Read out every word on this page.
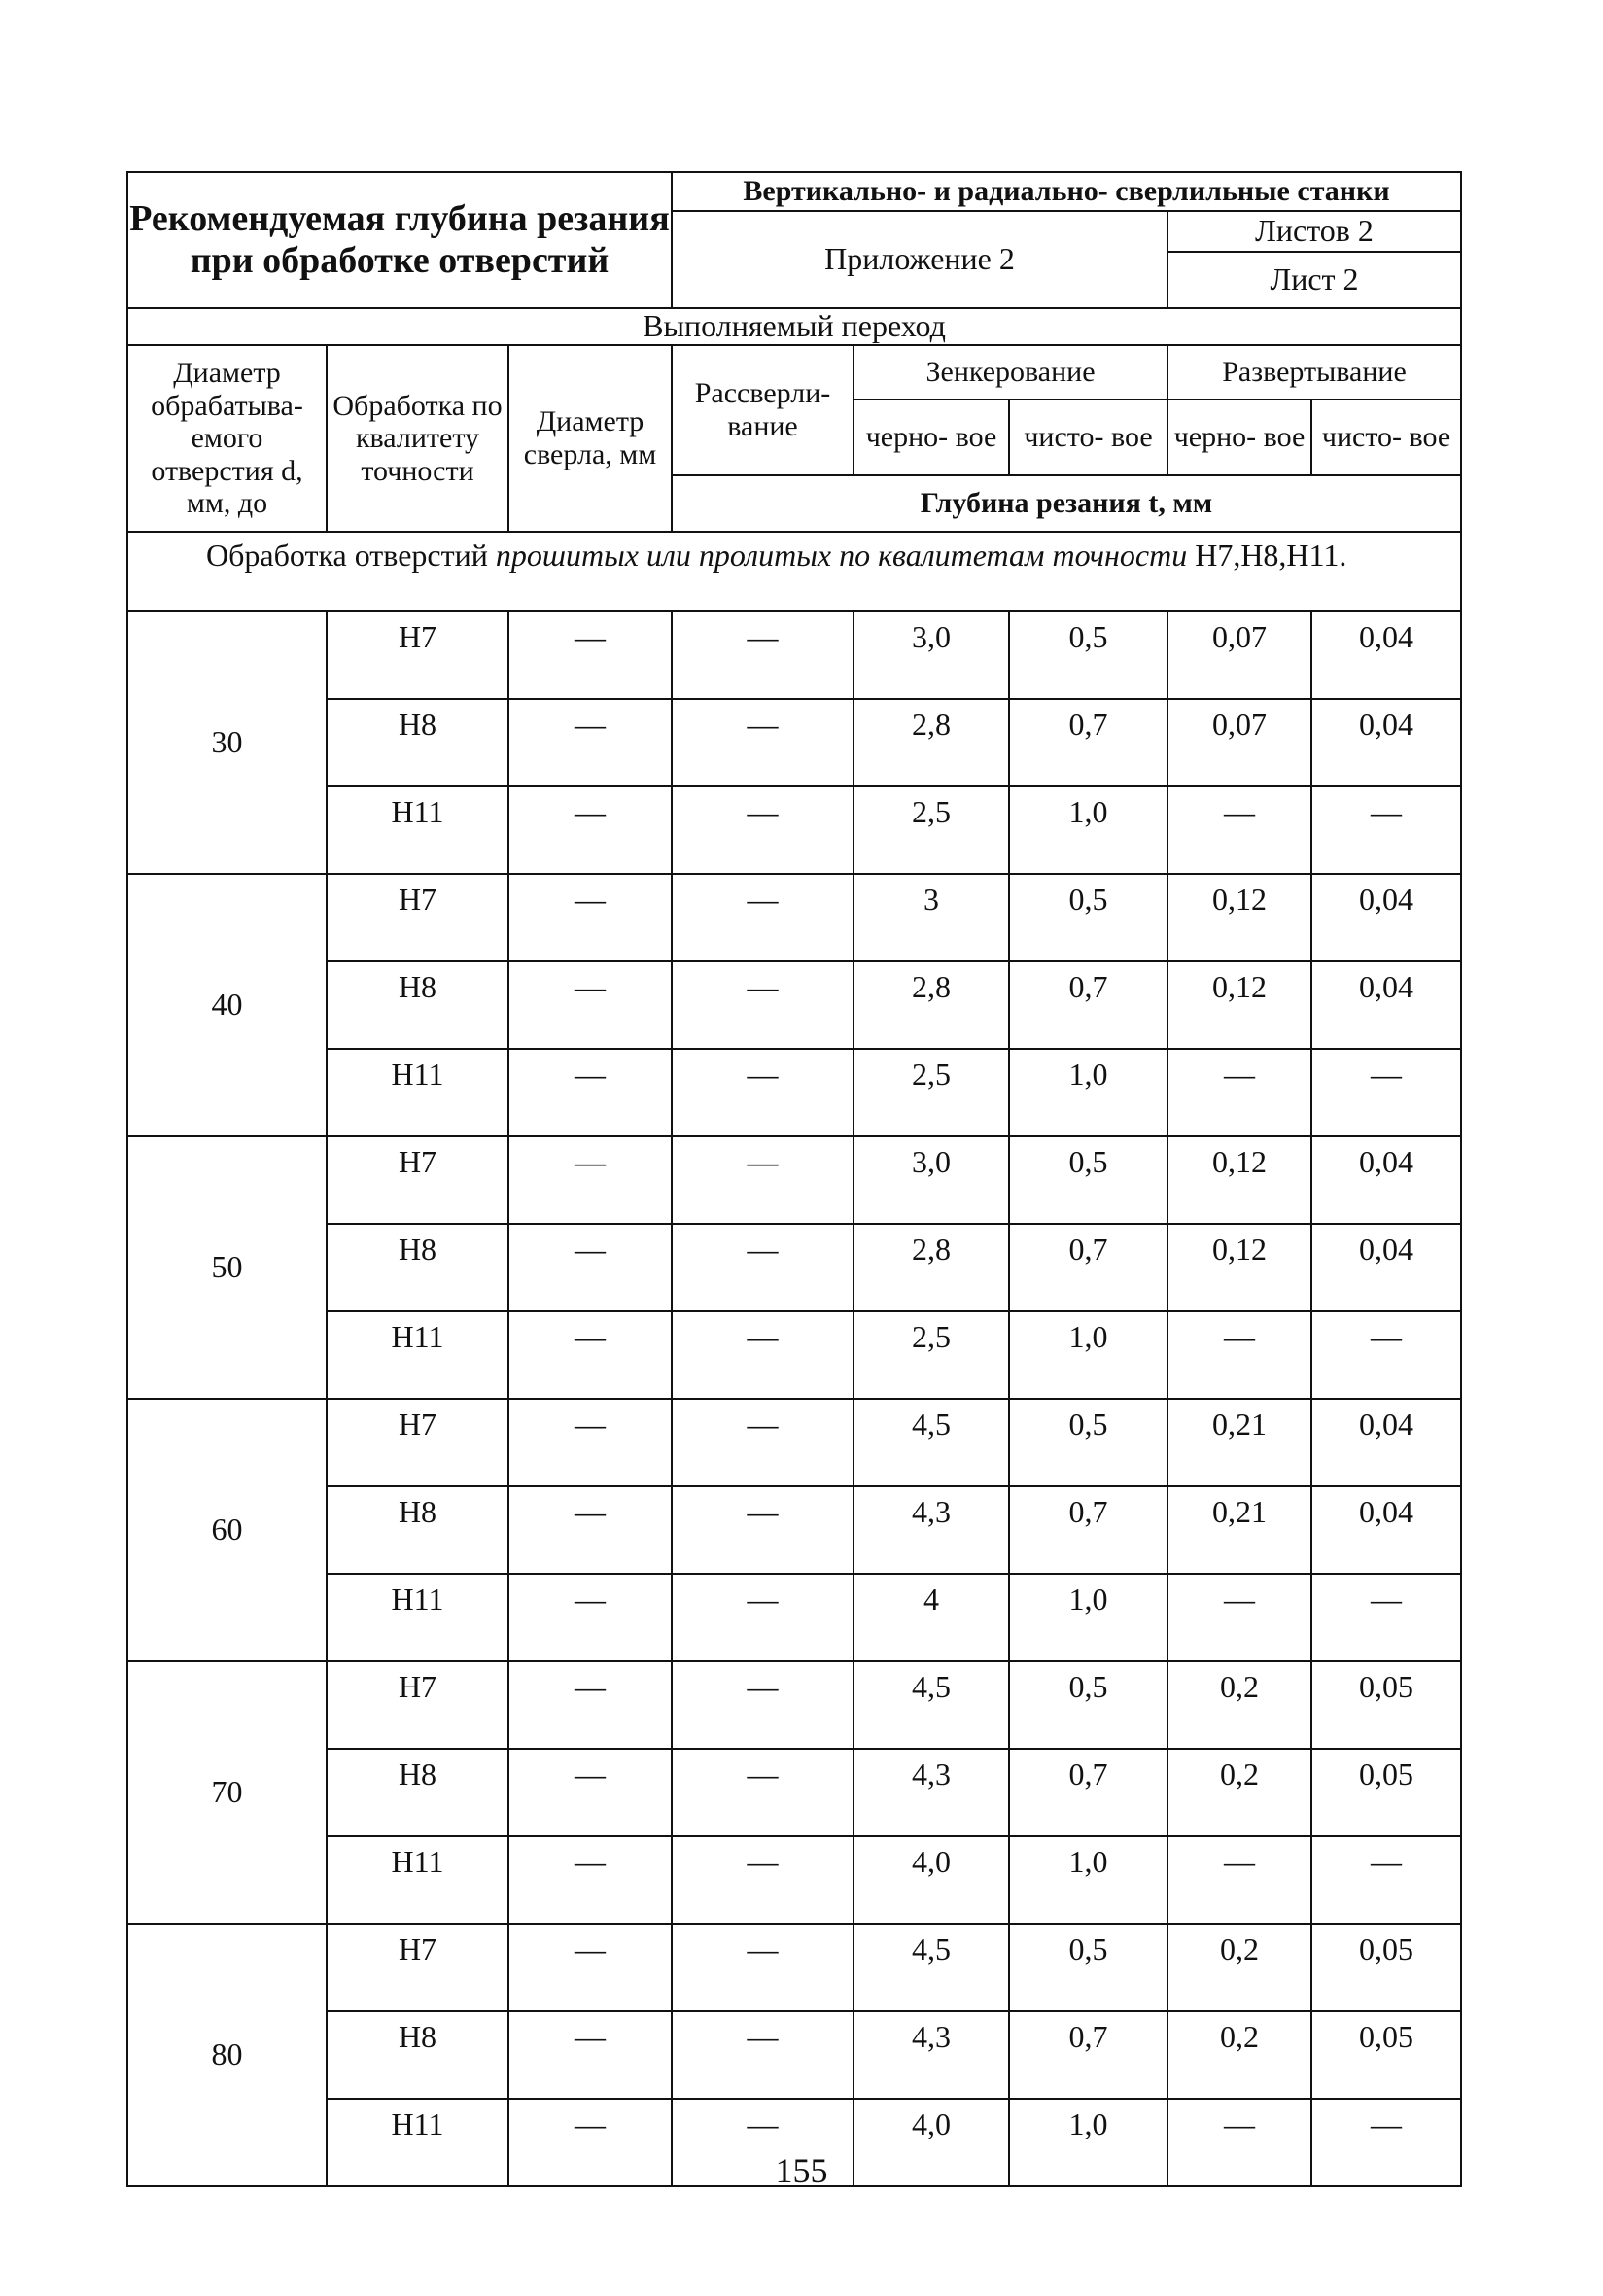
Рекомендуемая глубина резания при обработке отверстий			Вертикально- и радиально- сверлильные станки				
			Приложение 2			Листов 2	
						Лист 2	
Выполняемый переход							
Диаметр обрабатыва- емого отверстия d, мм, до	Обработка по квалитету точности	Диаметр сверла, мм	Рассверли- вание	Зенкерование		Развертывание	
				черно- вое	чисто- вое	черно- вое	чисто- вое
			Глубина резания t, мм				
Обработка отверстий прошитых или пролитых по квалитетам точности H7,H8,H11.							
30	H7	—	—	3,0	0,5	0,07	0,04
	H8	—	—	2,8	0,7	0,07	0,04
	H11	—	—	2,5	1,0	—	—
40	H7	—	—	3	0,5	0,12	0,04
	H8	—	—	2,8	0,7	0,12	0,04
	H11	—	—	2,5	1,0	—	—
50	H7	—	—	3,0	0,5	0,12	0,04
	H8	—	—	2,8	0,7	0,12	0,04
	H11	—	—	2,5	1,0	—	—
60	H7	—	—	4,5	0,5	0,21	0,04
	H8	—	—	4,3	0,7	0,21	0,04
	H11	—	—	4	1,0	—	—
70	H7	—	—	4,5	0,5	0,2	0,05
	H8	—	—	4,3	0,7	0,2	0,05
	H11	—	—	4,0	1,0	—	—
80	H7	—	—	4,5	0,5	0,2	0,05
	H8	—	—	4,3	0,7	0,2	0,05
	H11	—	—	4,0	1,0	—	—
155
